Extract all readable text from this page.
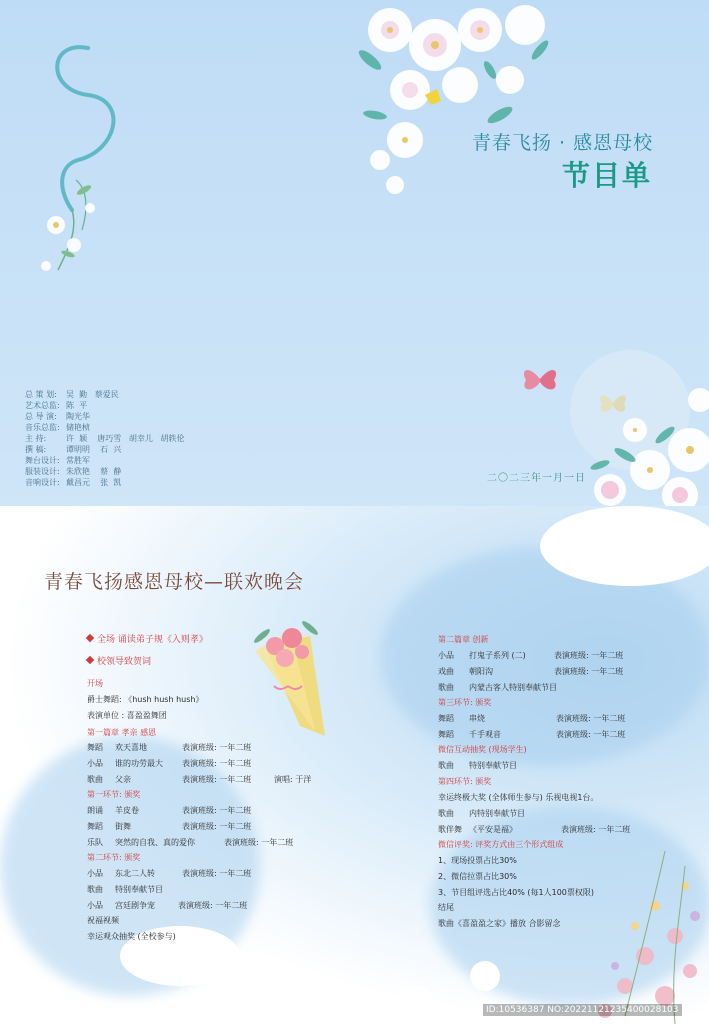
青春飞扬 · 感恩母校
节目单
总 策 划:	吴  勤   蔡爱民
艺术总监: 陈  平
总 导 演:	陶光华
音乐总监: 储艳桢
主 持:	许  颖    唐巧雪   胡幸儿   胡轶伦
撰 稿:	谭明明    石  兴
舞台设计: 常胜军
服装设计: 朱欣艳    蔡  静
音响设计: 戴昌元    张  凯	二〇二三年一月一日
青春飞扬感恩母校—联欢晚会
全场 诵读弟子规《入则孝》
校领导致贺词
开场
爵士舞蹈: 《hush hush hush》
表演单位 : 喜盈盈舞团
第一篇章 孝亲 感恩
舞蹈 欢天喜地	表演班级: 一年二班
小品 谁的功劳最大 表演班级: 一年二班
歌曲 父亲	表演班级: 一年二班	演唱: 于洋
第一环节: 颁奖
朗诵 羊皮卷	表演班级: 一年二班
舞蹈 街舞	表演班级: 一年二班
乐队 突然的自我、真的爱你	表演班级: 一年二班
第二环节: 颁奖
小品 东北二人转	表演班级: 一年二班
歌曲 特别奉献节目
小品 宫廷剧争宠	表演班级: 一年二班
祝福视频
幸运观众抽奖 (全校参与)
第二篇章 创新
小品 打鬼子系列 (二)	表演班级: 一年二班
戏曲 朝阳沟	表演班级: 一年二班
歌曲 内蒙古客人特别奉献节目
第三环节: 颁奖
舞蹈 串烧	表演班级: 一年二班
舞蹈 千手观音	表演班级: 一年二班
微信互动抽奖 (现场学生)
歌曲 特别奉献节目
第四环节: 颁奖
幸运终极大奖 (全体师生参与) 乐视电视1台。
歌曲 内特别奉献节目
歌伴舞 《平安是福》	表演班级: 一年二班
微信评奖: 评奖方式由三个形式组成
1、现场投票占比30%
2、微信拉票占比30%
3、节目组评选占比40% (每1人100票权限)
结尾
歌曲《喜盈盈之家》播放 合影留念
昵享网 www.nipic.cn	ID:10536387 NO:20221121235400028103
